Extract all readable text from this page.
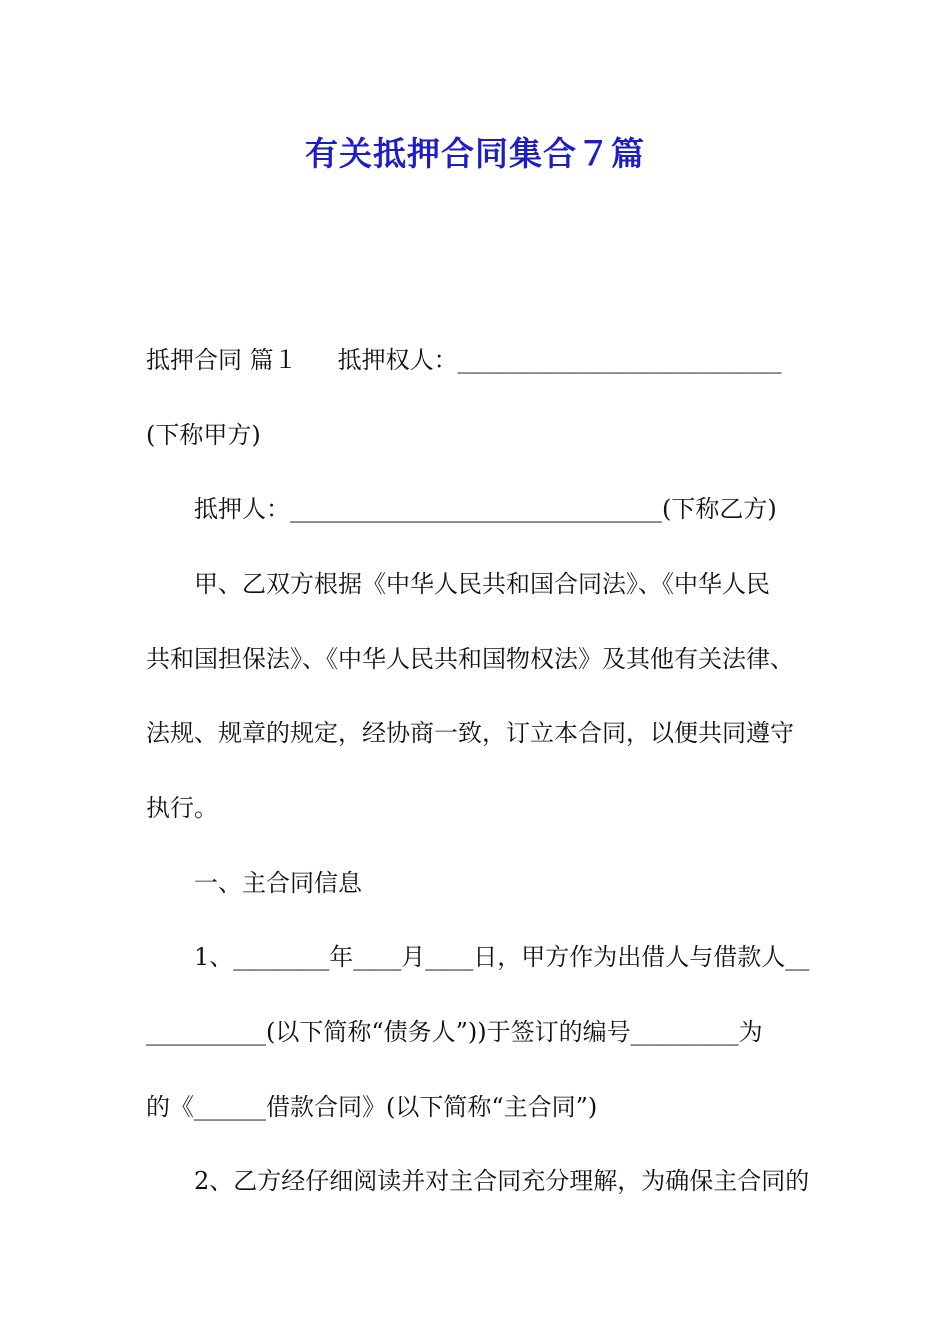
有关抵押合同集合７篇
抵押合同 篇１ 抵押权人：___________________________
(下称甲方)
抵押人：_______________________________(下称乙方)
甲、乙双方根据《中华人民共和国合同法》、《中华人民
共和国担保法》、《中华人民共和国物权法》及其他有关法律、
法规、规章的规定，经协商一致，订立本合同，以便共同遵守
执行。
一、主合同信息
1、________年____月____日，甲方作为出借人与借款人__
__________(以下简称“债务人”))于签订的编号_________为
的《______借款合同》(以下简称“主合同”)
2、乙方经仔细阅读并对主合同充分理解，为确保主合同的
